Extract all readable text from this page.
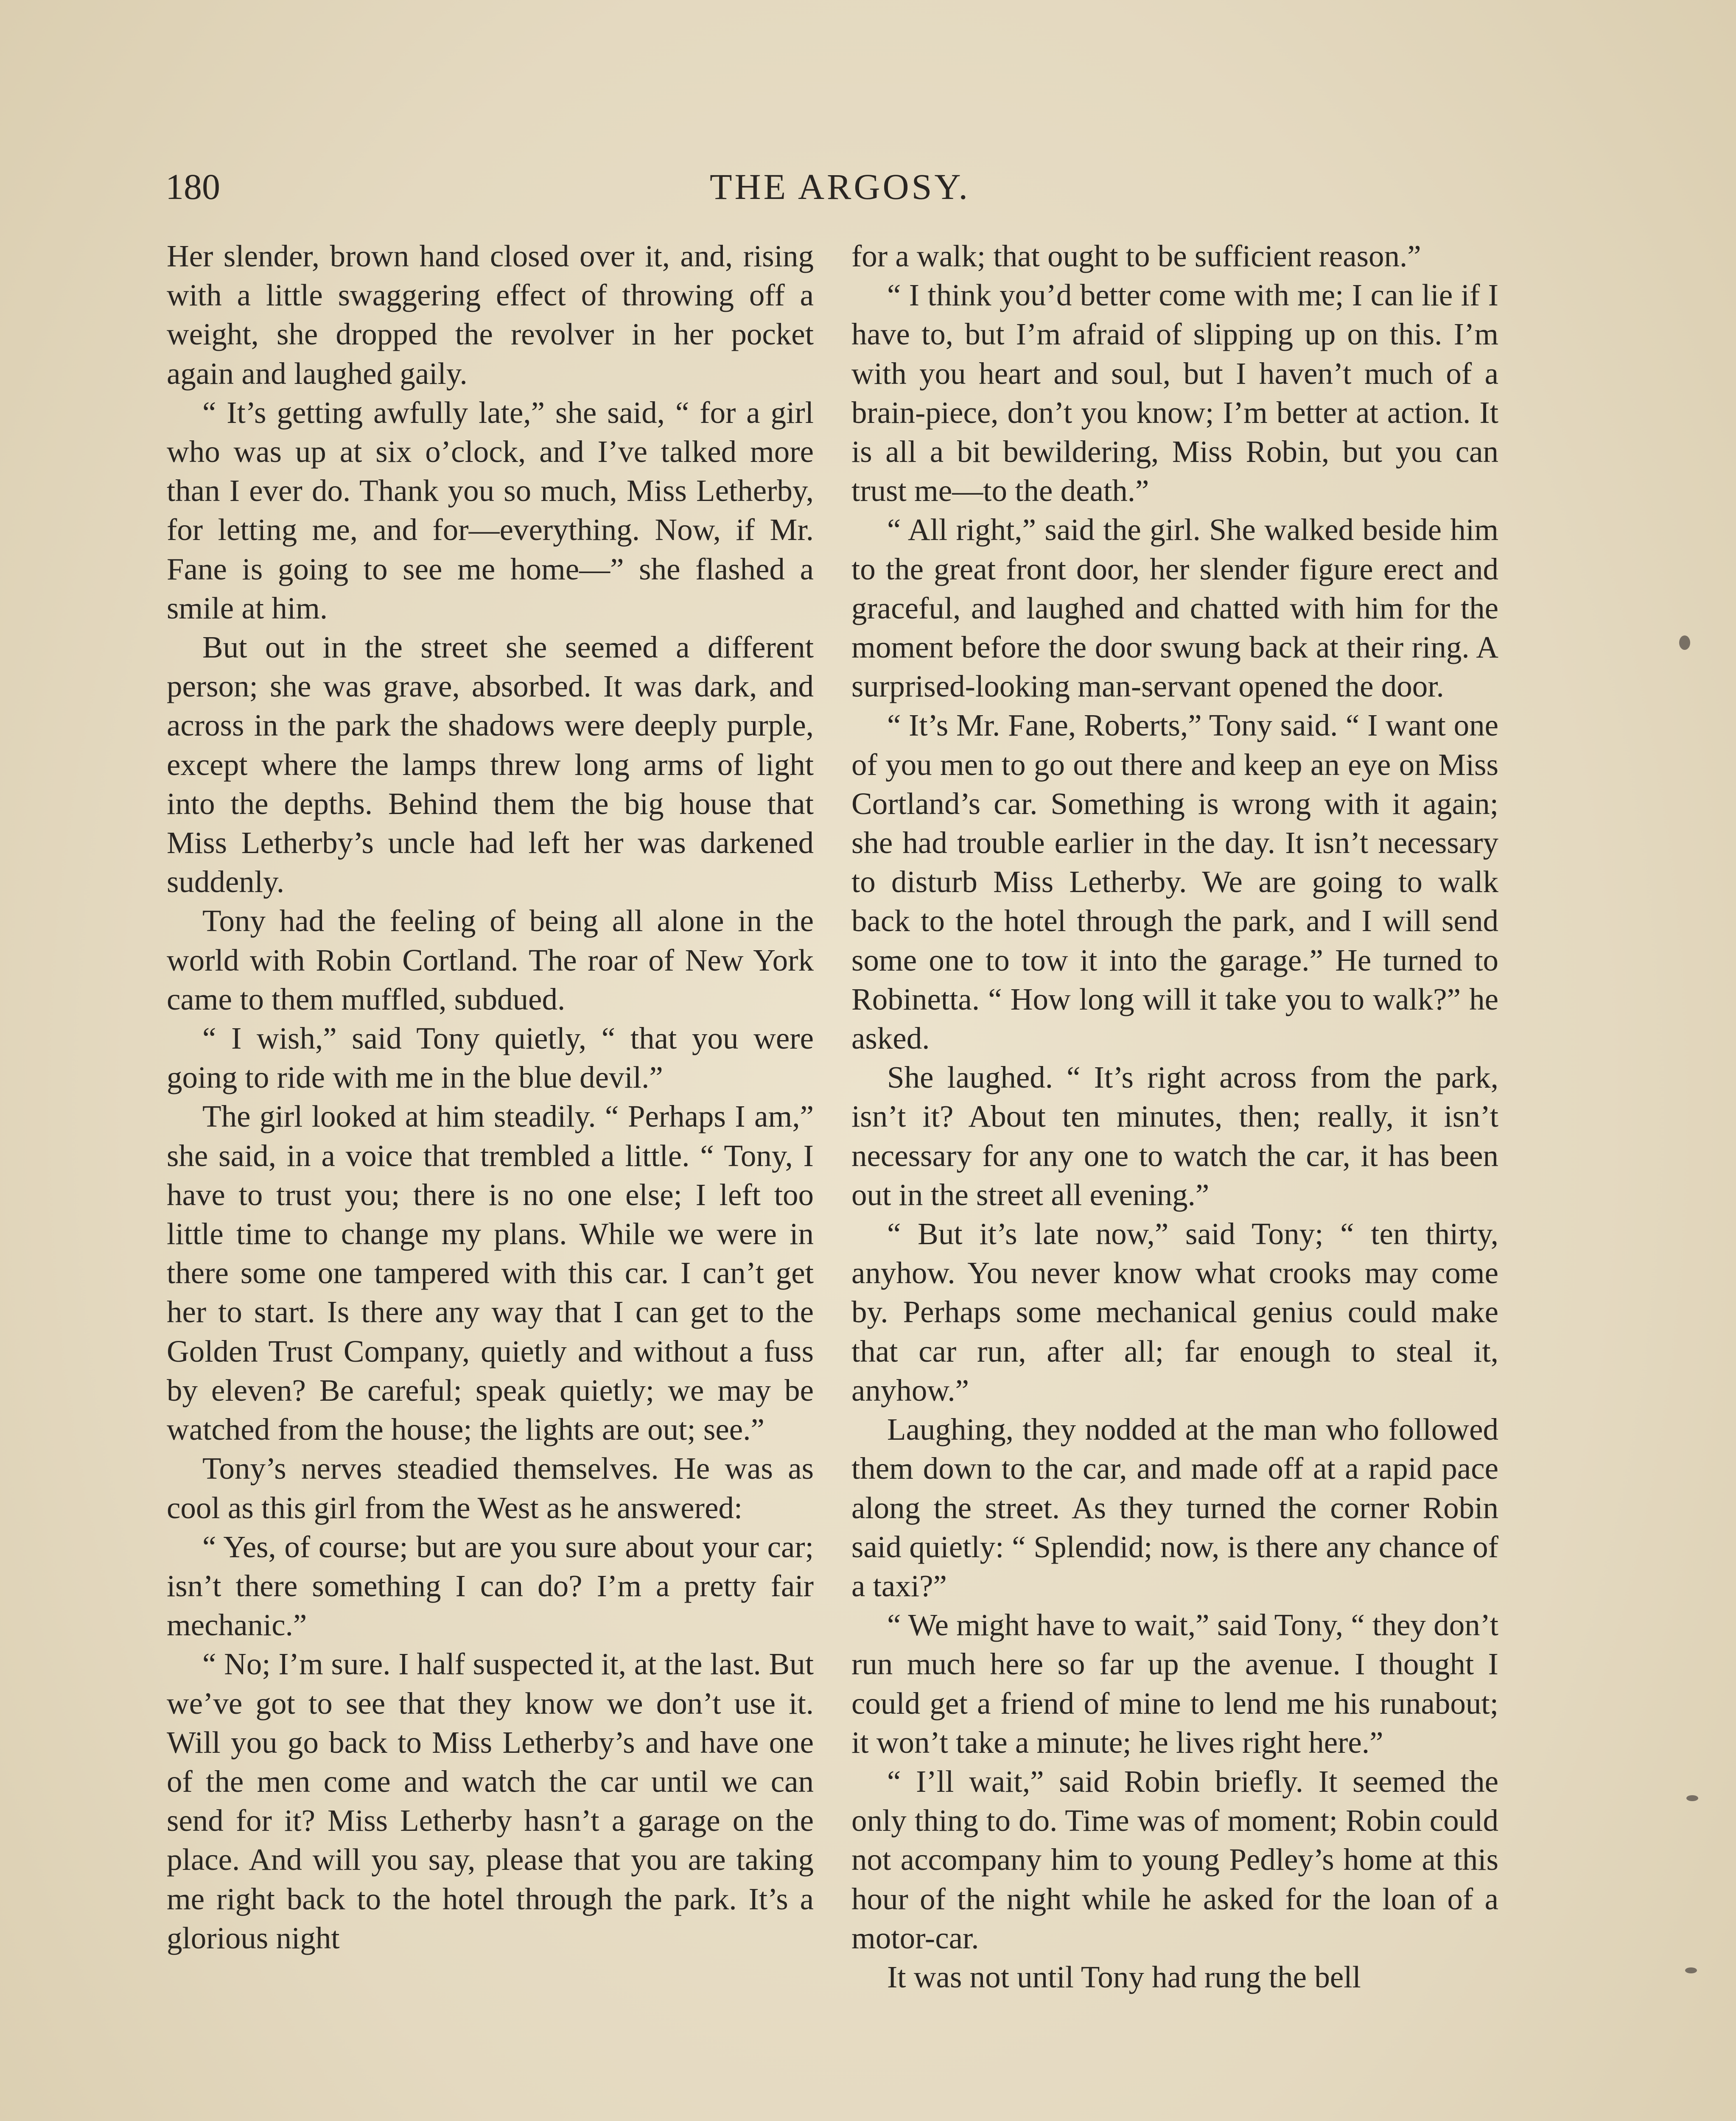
180	THE ARGOSY.

Her slender, brown hand closed over it, and, rising with a little swaggering effect of throwing off a weight, she dropped the revolver in her pocket again and laughed gaily.

“ It’s getting awfully late,” she said, “ for a girl who was up at six o’clock, and I’ve talked more than I ever do. Thank you so much, Miss Letherby, for letting me, and for—everything. Now, if Mr. Fane is going to see me home—” she flashed a smile at him.

But out in the street she seemed a different person; she was grave, absorbed. It was dark, and across in the park the shadows were deeply purple, except where the lamps threw long arms of light into the depths. Behind them the big house that Miss Letherby’s uncle had left her was darkened suddenly.

Tony had the feeling of being all alone in the world with Robin Cortland. The roar of New York came to them muffled, subdued.

“ I wish,” said Tony quietly, “ that you were going to ride with me in the blue devil.”

The girl looked at him steadily. “ Perhaps I am,” she said, in a voice that trembled a little. “ Tony, I have to trust you; there is no one else; I left too little time to change my plans. While we were in there some one tampered with this car. I can’t get her to start. Is there any way that I can get to the Golden Trust Company, quietly and without a fuss by eleven? Be careful; speak quietly; we may be watched from the house; the lights are out; see.”

Tony’s nerves steadied themselves. He was as cool as this girl from the West as he answered:

“ Yes, of course; but are you sure about your car; isn’t there something I can do? I’m a pretty fair mechanic.”

“ No; I’m sure. I half suspected it, at the last. But we’ve got to see that they know we don’t use it. Will you go back to Miss Letherby’s and have one of the men come and watch the car until we can send for it? Miss Letherby hasn’t a garage on the place. And will you say, please that you are taking me right back to the hotel through the park. It’s a glorious night

for a walk; that ought to be sufficient reason.”

“ I think you’d better come with me; I can lie if I have to, but I’m afraid of slipping up on this. I’m with you heart and soul, but I haven’t much of a brain-piece, don’t you know; I’m better at action. It is all a bit bewildering, Miss Robin, but you can trust me—to the death.”

“ All right,” said the girl. She walked beside him to the great front door, her slender figure erect and graceful, and laughed and chatted with him for the moment before the door swung back at their ring. A surprised-looking man-servant opened the door.

“ It’s Mr. Fane, Roberts,” Tony said. “ I want one of you men to go out there and keep an eye on Miss Cortland’s car. Something is wrong with it again; she had trouble earlier in the day. It isn’t necessary to disturb Miss Letherby. We are going to walk back to the hotel through the park, and I will send some one to tow it into the garage.” He turned to Robinetta. “ How long will it take you to walk?” he asked.

She laughed. “ It’s right across from the park, isn’t it? About ten minutes, then; really, it isn’t necessary for any one to watch the car, it has been out in the street all evening.”

“ But it’s late now,” said Tony; “ ten thirty, anyhow. You never know what crooks may come by. Perhaps some mechanical genius could make that car run, after all; far enough to steal it, anyhow.”

Laughing, they nodded at the man who followed them down to the car, and made off at a rapid pace along the street. As they turned the corner Robin said quietly: “ Splendid; now, is there any chance of a taxi?”

“ We might have to wait,” said Tony, “ they don’t run much here so far up the avenue. I thought I could get a friend of mine to lend me his runabout; it won’t take a minute; he lives right here.”

“ I’ll wait,” said Robin briefly. It seemed the only thing to do. Time was of moment; Robin could not accompany him to young Pedley’s home at this hour of the night while he asked for the loan of a motor-car.

It was not until Tony had rung the bell
